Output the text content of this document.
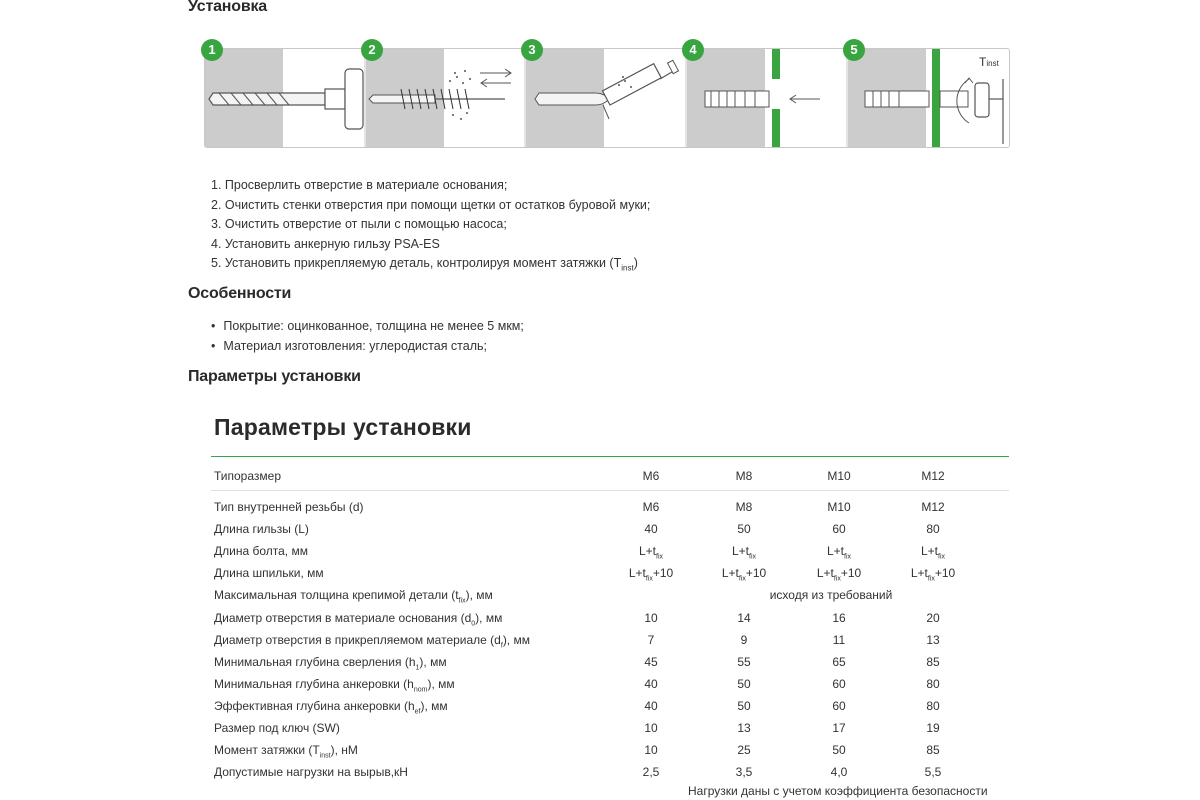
Установка
1	2	3	4	5
Tinst
1. Просверлить отверстие в материале основания;
2. Очистить стенки отверстия при помощи щетки от остатков буровой муки;
3. Очистить отверстие от пыли с помощью насоса;
4. Установить анкерную гильзу PSA-ES
5. Установить прикрепляемую деталь, контролируя момент затяжки $(T_{inst})$
Особенности
• Покрытие: оцинкованное, толщина не менее 5 мкм;
• Материал изготовления: углеродистая сталь;
Параметры установки
Параметры установки
Типоразмер	M6	M8	M10	M12
Тип внутренней резьбы (d)	M6	M8	M10	M12
Длина гильзы (L)	40	50	60	80
Длина болта, мм	$L+t_{fix}$	$L+t_{fix}$	$L+t_{fix}$	$L+t_{fix}$
Длина шпильки, мм	$L+t_{fix}+10$	$L+t_{fix}+10$	$L+t_{fix}+10$	$L+t_{fix}+10$
Максимальная толщина крепимой детали $(t_{fix})$, мм	исходя из требований
Диаметр отверстия в материале основания $(d_0)$, мм	10	14	16	20
Диаметр отверстия в прикрепляемом материале $(d_f)$, мм	7	9	11	13
Минимальная глубина сверления $(h_1)$, мм	45	55	65	85
Минимальная глубина анкеровки $(h_{nom})$, мм	40	50	60	80
Эффективная глубина анкеровки $(h_{ef})$, мм	40	50	60	80
Размер под ключ (SW)	10	13	17	19
Момент затяжки $(T_{inst})$, нМ	10	25	50	85
Допустимые нагрузки на вырыв,кН	2,5	3,5	4,0	5,5
Нагрузки даны с учетом коэффициента безопасности
